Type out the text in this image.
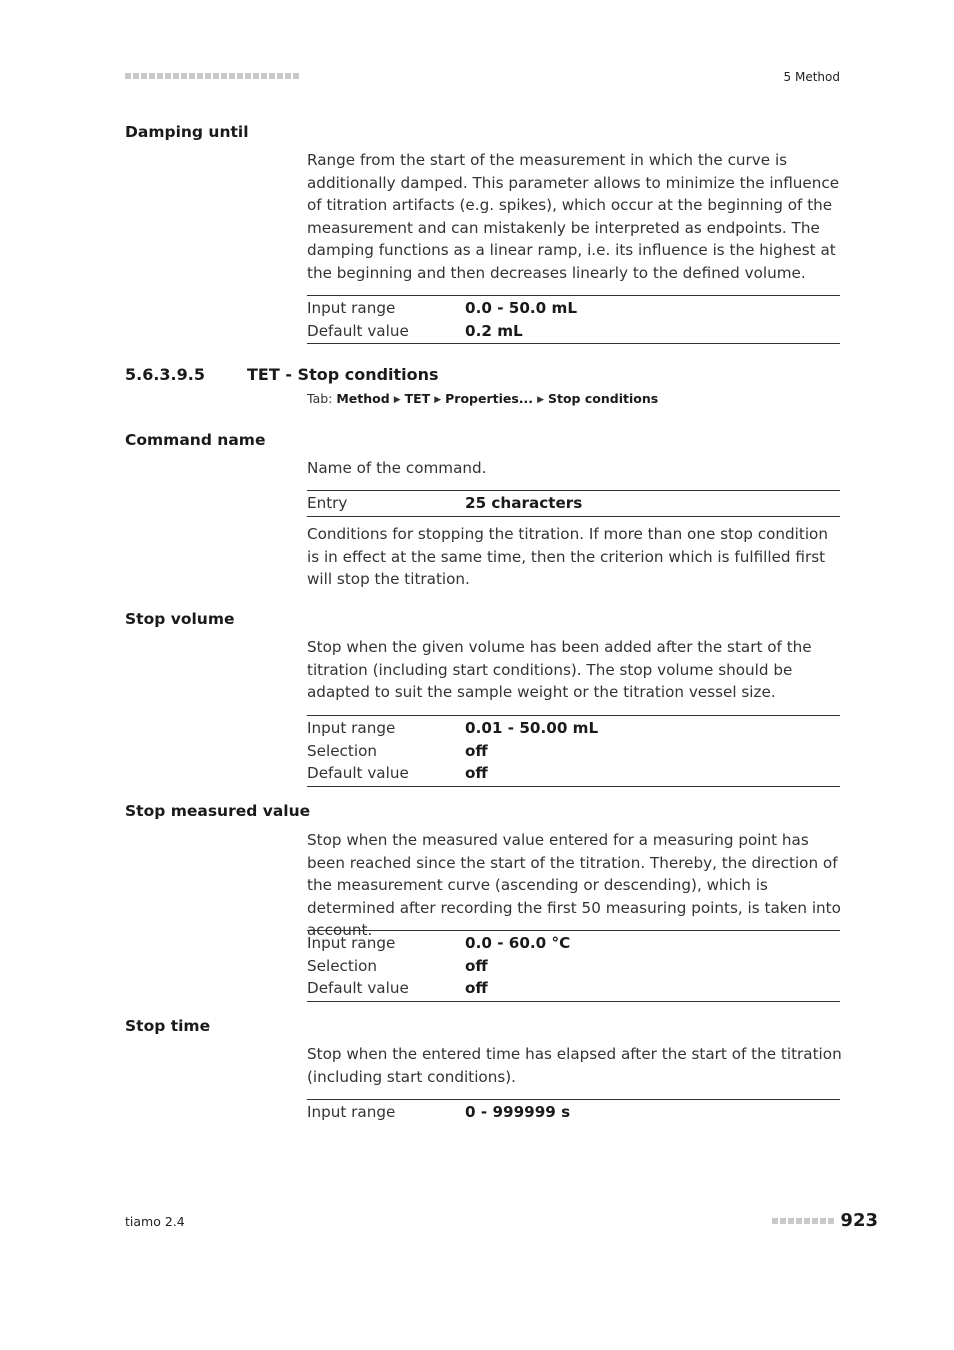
5 Method
Damping until
Range from the start of the measurement in which the curve is additionally damped. This parameter allows to minimize the influence of titration artifacts (e.g. spikes), which occur at the beginning of the measurement and can mistakenly be interpreted as endpoints. The damping functions as a linear ramp, i.e. its influence is the highest at the beginning and then decreases linearly to the defined volume.
Input range	0.0 - 50.0 mL
Default value	0.2 mL
5.6.3.9.5	TET - Stop conditions
Tab: Method ▶ TET ▶ Properties... ▶ Stop conditions
Command name
Name of the command.
Entry	25 characters
Conditions for stopping the titration. If more than one stop condition is in effect at the same time, then the criterion which is fulfilled first will stop the titration.
Stop volume
Stop when the given volume has been added after the start of the titration (including start conditions). The stop volume should be adapted to suit the sample weight or the titration vessel size.
Input range	0.01 - 50.00 mL
Selection	off
Default value	off
Stop measured value
Stop when the measured value entered for a measuring point has been reached since the start of the titration. Thereby, the direction of the measurement curve (ascending or descending), which is determined after recording the first 50 measuring points, is taken into account.
Input range	0.0 - 60.0 °C
Selection	off
Default value	off
Stop time
Stop when the entered time has elapsed after the start of the titration (including start conditions).
Input range	0 - 999999 s
tiamo 2.4	923
